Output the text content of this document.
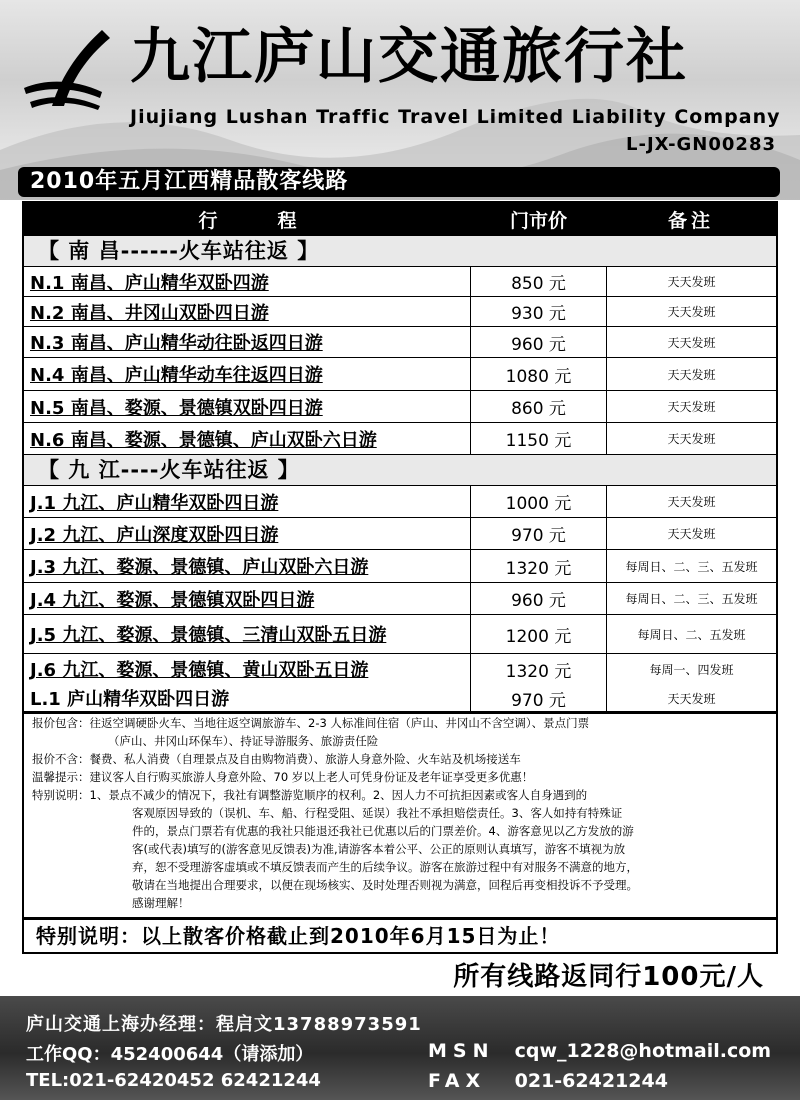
九江庐山交通旅行社
Jiujiang Lushan Traffic Travel Limited Liability Company
L-JX-GN00283
2010年五月江西精品散客线路
行程	门市价	备注
【 南 昌------火车站往返 】
N.1 南昌、庐山精华双卧四游	850 元	天天发班
N.2 南昌、井冈山双卧四日游	930 元	天天发班
N.3 南昌、庐山精华动往卧返四日游	960 元	天天发班
N.4 南昌、庐山精华动车往返四日游	1080 元	天天发班
N.5 南昌、婺源、景德镇双卧四日游	860 元	天天发班
N.6 南昌、婺源、景德镇、庐山双卧六日游	1150 元	天天发班
【 九 江----火车站往返 】
J.1 九江、庐山精华双卧四日游	1000 元	天天发班
J.2 九江、庐山深度双卧四日游	970 元	天天发班
J.3 九江、婺源、景德镇、庐山双卧六日游	1320 元	每周日、二、三、五发班
J.4 九江、婺源、景德镇双卧四日游	960 元	每周日、二、三、五发班
J.5 九江、婺源、景德镇、三清山双卧五日游	1200 元	每周日、二、五发班
J.6 九江、婺源、景德镇、黄山双卧五日游	1320 元	每周一、四发班
L.1 庐山精华双卧四日游	970 元	天天发班

报价包含：往返空调硬卧火车、当地往返空调旅游车、2-3 人标准间住宿（庐山、井冈山不含空调）、景点门票

（庐山、井冈山环保车）、持证导游服务、旅游责任险

报价不含：餐费、私人消费（自理景点及自由购物消费）、旅游人身意外险、火车站及机场接送车

温馨提示：建议客人自行购买旅游人身意外险、70 岁以上老人可凭身份证及老年证享受更多优惠！

特别说明：1、景点不减少的情况下，我社有调整游览顺序的权利。2、因人力不可抗拒因素或客人自身遇到的

客观原因导致的（误机、车、船、行程受阻、延误）我社不承担赔偿责任。3、客人如持有特殊证

件的，景点门票若有优惠的我社只能退还我社已优惠以后的门票差价。4、游客意见以乙方发放的游

客(或代表)填写的(游客意见反馈表)为准,请游客本着公平、公正的原则认真填写，游客不填视为放

弃，恕不受理游客虚填或不填反馈表而产生的后续争议。游客在旅游过程中有对服务不满意的地方，

敬请在当地提出合理要求，以便在现场核实、及时处理否则视为满意，回程后再变相投诉不予受理。

感谢理解！

特别说明：以上散客价格截止到2010年6月15日为止！
所有线路返同行100元/人
庐山交通上海办经理：程启文13788973591
工作QQ：452400644（请添加）
TEL:021-62420452 62421244
MSN cqw_1228@hotmail.com
FAX 021-62421244
